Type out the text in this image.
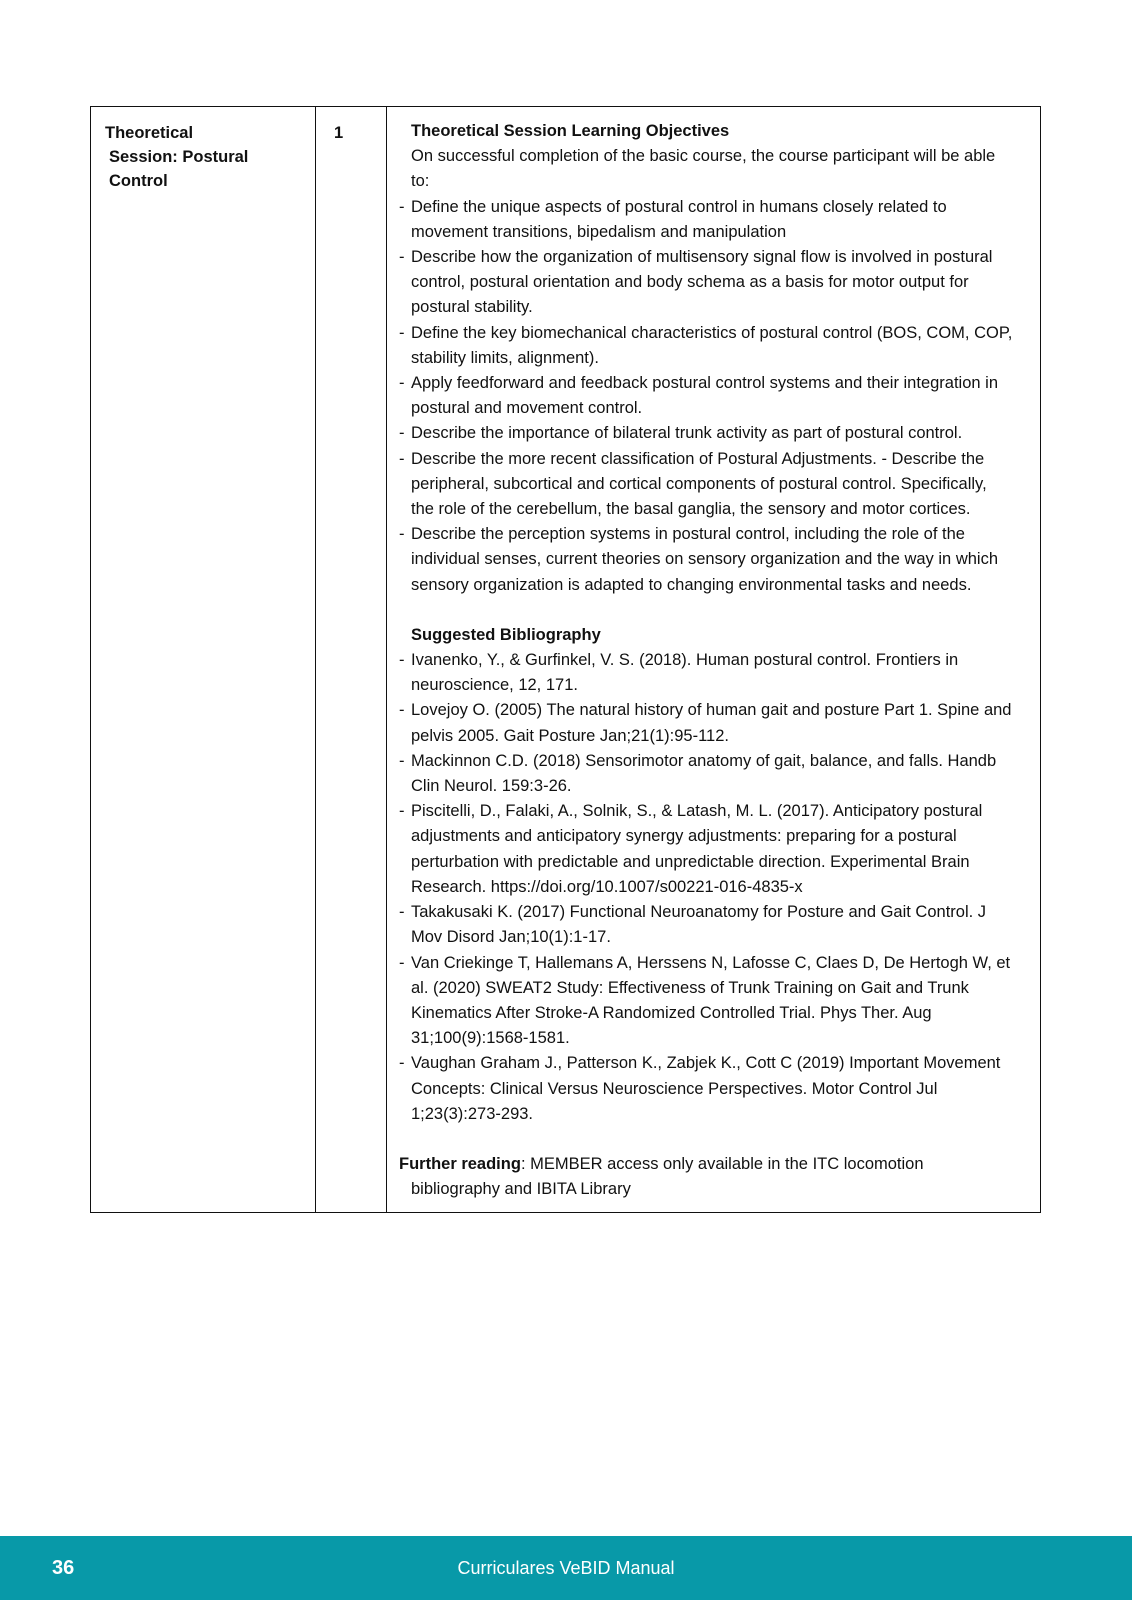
Theoretical
Session: Postural
Control
	1	Theoretical Session Learning Objectives
On successful completion of the basic course, the course participant will be able to:
- Define the unique aspects of postural control in humans closely related to movement transitions, bipedalism and manipulation
- Describe how the organization of multisensory signal flow is involved in postural control, postural orientation and body schema as a basis for motor output for postural stability.
- Define the key biomechanical characteristics of postural control (BOS, COM, COP, stability limits, alignment).
- Apply feedforward and feedback postural control systems and their integration in postural and movement control.
- Describe the importance of bilateral trunk activity as part of postural control.
- Describe the more recent classification of Postural Adjustments. - Describe the peripheral, subcortical and cortical components of postural control. Specifically, the role of the cerebellum, the basal ganglia, the sensory and motor cortices.
- Describe the perception systems in postural control, including the role of the individual senses, current theories on sensory organization and the way in which sensory organization is adapted to changing environmental tasks and needs.
Suggested Bibliography
- Ivanenko, Y., & Gurfinkel, V. S. (2018). Human postural control. Frontiers in neuroscience, 12, 171.
- Lovejoy O. (2005) The natural history of human gait and posture Part 1. Spine and pelvis 2005. Gait Posture Jan;21(1):95-112.
- Mackinnon C.D. (2018) Sensorimotor anatomy of gait, balance, and falls. Handb Clin Neurol. 159:3-26.
- Piscitelli, D., Falaki, A., Solnik, S., & Latash, M. L. (2017). Anticipatory postural adjustments and anticipatory synergy adjustments: preparing for a postural perturbation with predictable and unpredictable direction. Experimental Brain Research. https://doi.org/10.1007/s00221-016-4835-x
- Takakusaki K. (2017) Functional Neuroanatomy for Posture and Gait Control. J Mov Disord Jan;10(1):1-17.
- Van Criekinge T, Hallemans A, Herssens N, Lafosse C, Claes D, De Hertogh W, et al. (2020) SWEAT2 Study: Effectiveness of Trunk Training on Gait and Trunk Kinematics After Stroke-A Randomized Controlled Trial. Phys Ther. Aug 31;100(9):1568-1581.
- Vaughan Graham J., Patterson K., Zabjek K., Cott C (2019) Important Movement Concepts: Clinical Versus Neuroscience Perspectives. Motor Control Jul 1;23(3):273-293.
Further reading: MEMBER access only available in the ITC locomotion
bibliography and IBITA Library
36	Curriculares VeBID Manual
